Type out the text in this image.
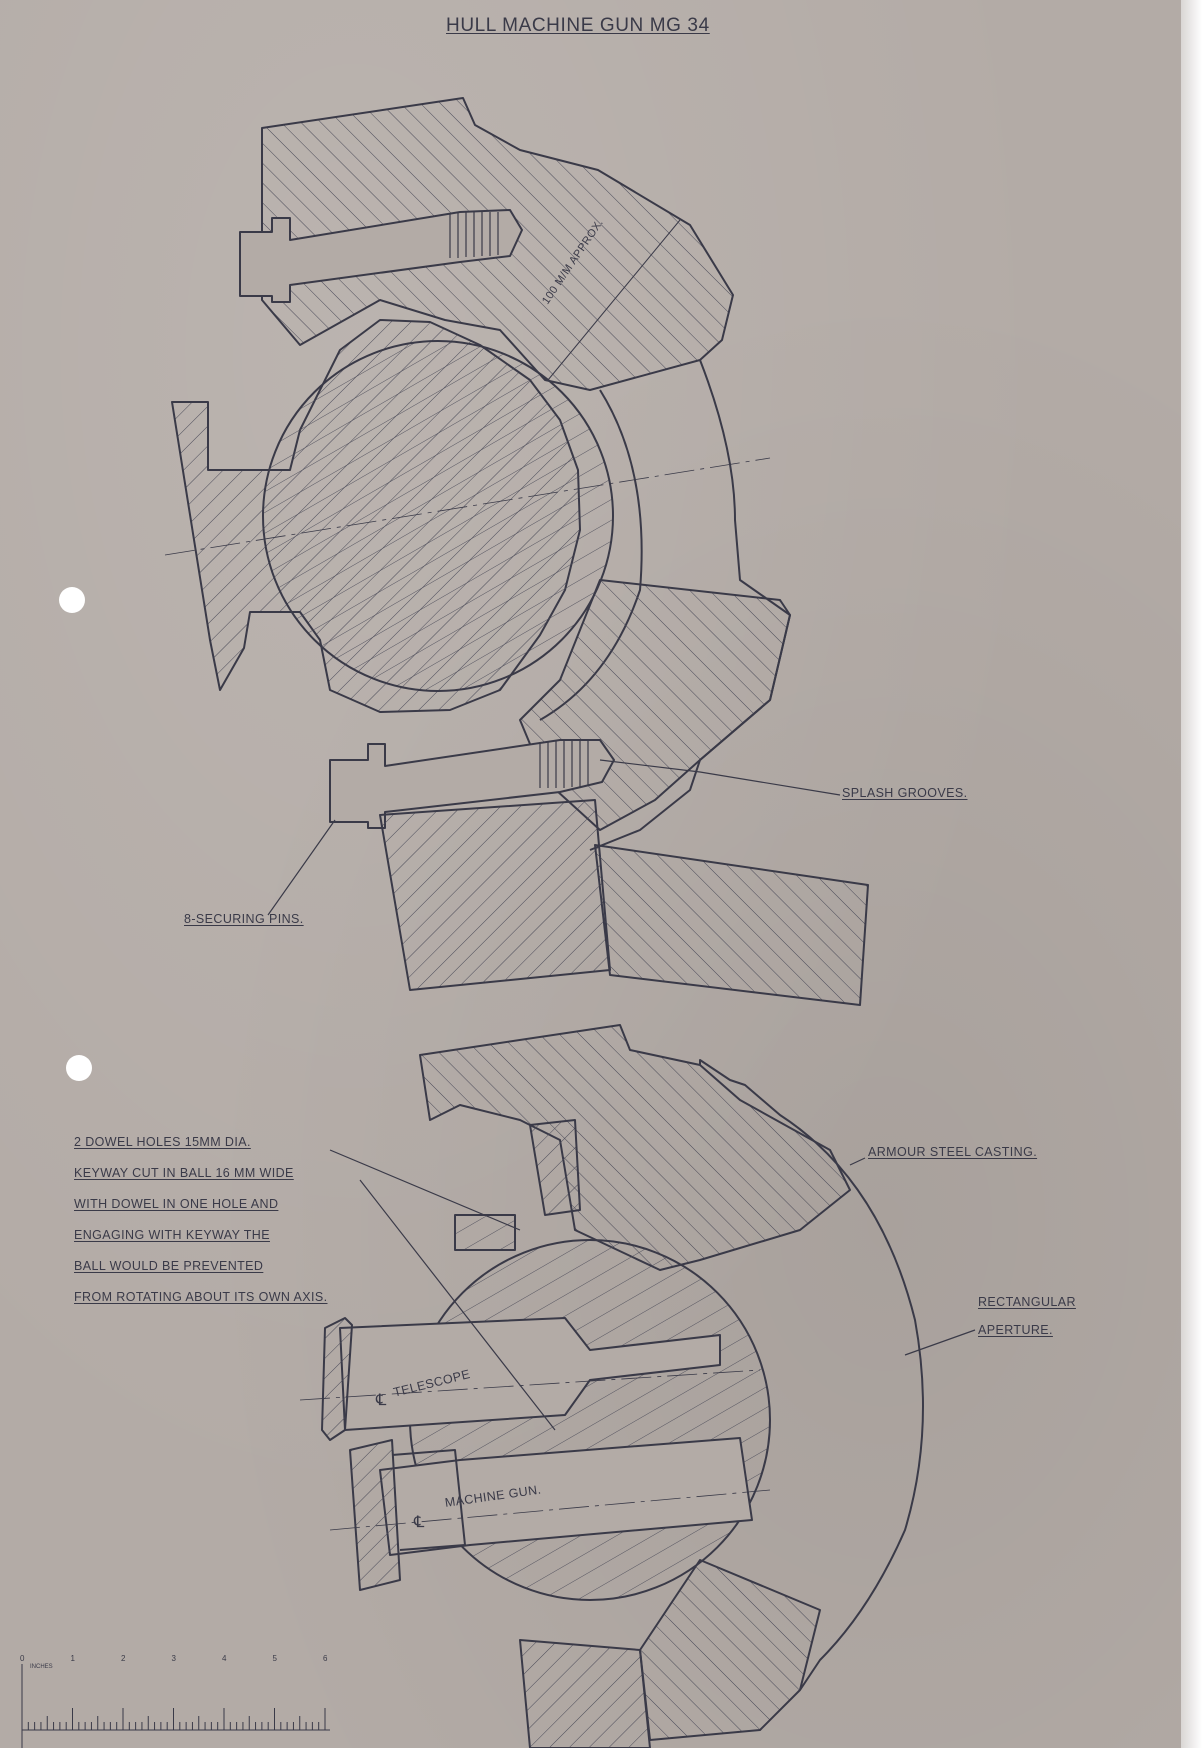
HULL MACHINE GUN MG 34
100 M/M APPROX.
SPLASH GROOVES.
8-SECURING PINS.
ARMOUR STEEL CASTING.
RECTANGULAR
APERTURE.
TELESCOPE
℄
MACHINE GUN.
℄
2 DOWEL HOLES 15MM DIA.
KEYWAY CUT IN BALL 16 MM WIDE
WITH DOWEL IN ONE HOLE AND
ENGAGING WITH KEYWAY THE
BALL WOULD BE PREVENTED
FROM ROTATING ABOUT ITS OWN AXIS.
INCHES
0	1	2	3	4	5	6
